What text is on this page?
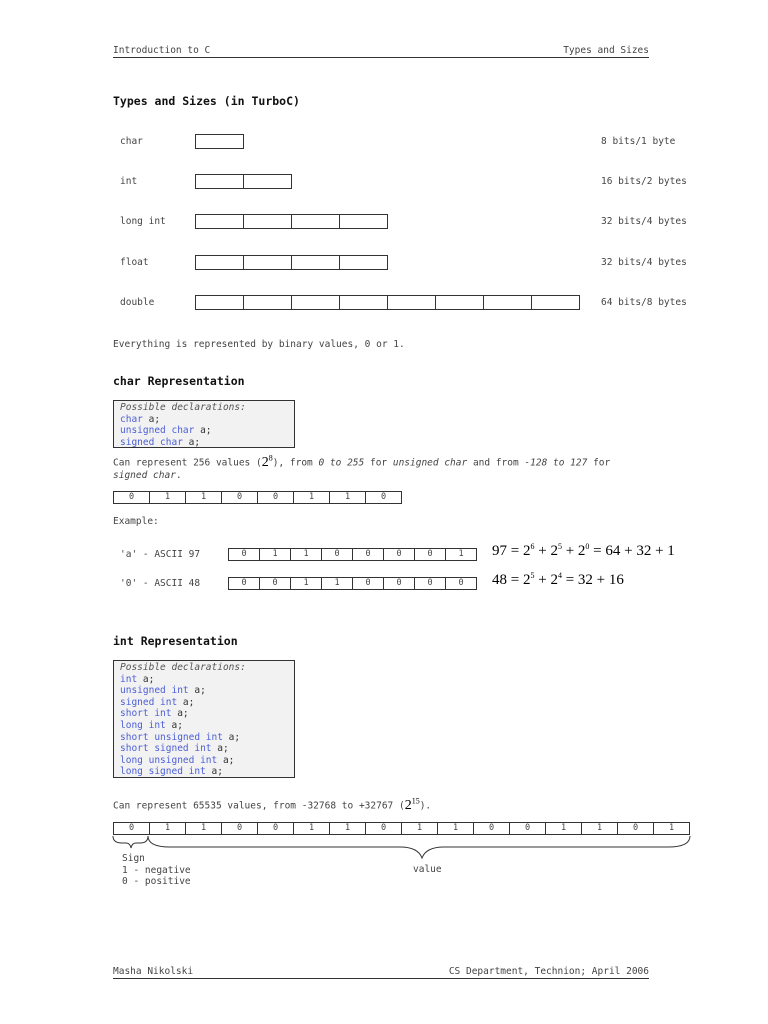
Introduction to C	Types and Sizes
Types and Sizes (in TurboC)
char	8 bits/1 byte
int	16 bits/2 bytes
long int	32 bits/4 bytes
float	32 bits/4 bytes
double	64 bits/8 bytes
Everything is represented by binary values, 0 or 1.
char Representation
Possible declarations:
char a;
unsigned char a;
signed char a;
Can represent 256 values $(2^8)$, from 0 to 255 for unsigned char and from -128 to 127 for
signed char.
0	1	1	0	0	1	1	0
Example:
'a' - ASCII 97	0	1	1	0	0	0	0	1	$97 = 2^6 + 2^5 + 2^0 = 64 + 32 + 1$
'0' - ASCII 48	0	0	1	1	0	0	0	0	$48 = 2^5 + 2^4 = 32 + 16$
int Representation
Possible declarations:
int a;
unsigned int a;
signed int a;
short int a;
long int a;
short unsigned int a;
short signed int a;
long unsigned int a;
long signed int a;
Can represent 65535 values, from -32768 to +32767 $(2^{15})$.
0	1	1	0	0	1	1	0	1	1	0	0	1	1	0	1
Sign
1 - negative
0 - positive
value
Masha Nikolski	CS Department, Technion; April 2006
